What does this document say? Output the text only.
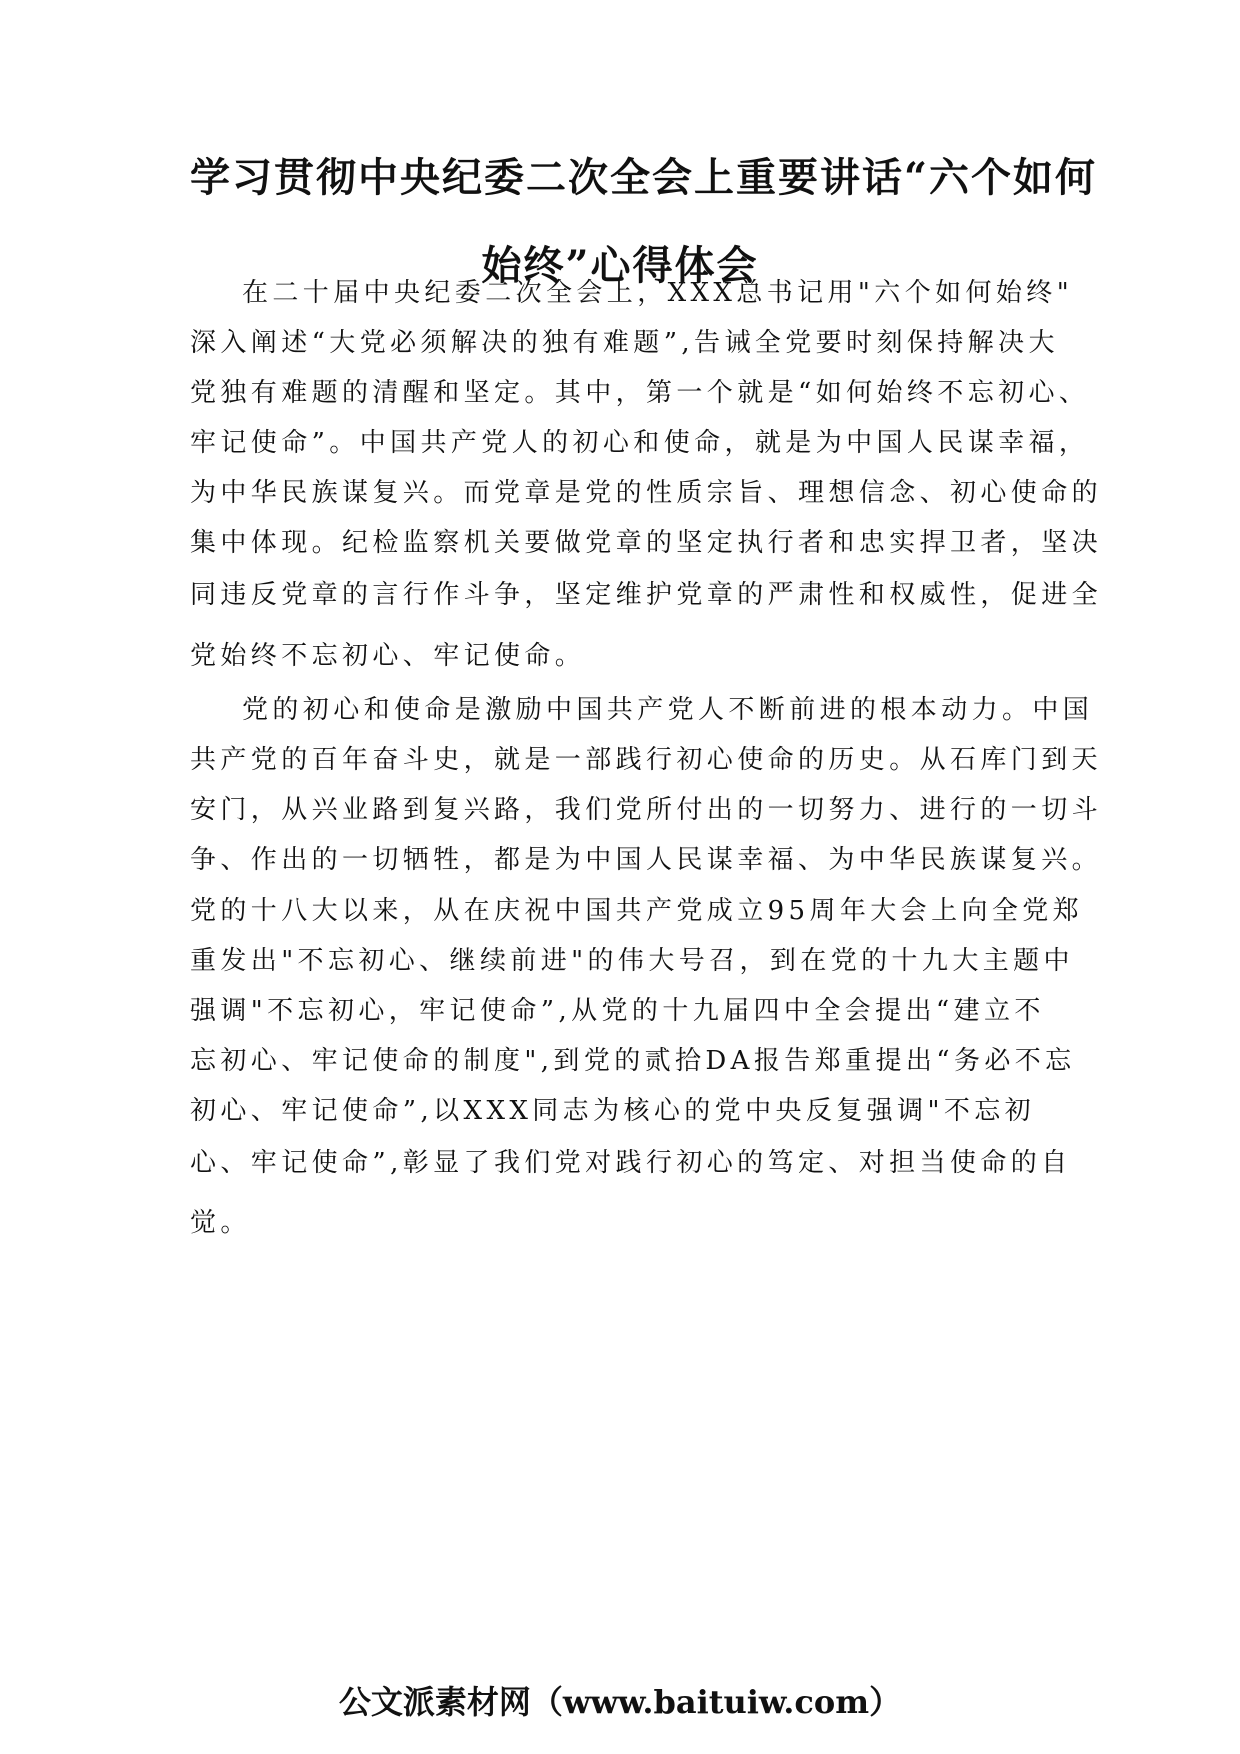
学习贯彻中央纪委二次全会上重要讲话“六个如何
始终”心得体会

在二十届中央纪委二次全会上，XXX总书记用"六个如何始终"

深入阐述“大党必须解决的独有难题”,告诫全党要时刻保持解决大

党独有难题的清醒和坚定。其中，第一个就是“如何始终不忘初心、

牢记使命”。中国共产党人的初心和使命，就是为中国人民谋幸福，

为中华民族谋复兴。而党章是党的性质宗旨、理想信念、初心使命的

集中体现。纪检监察机关要做党章的坚定执行者和忠实捍卫者，坚决

同违反党章的言行作斗争，坚定维护党章的严肃性和权威性，促进全

党始终不忘初心、牢记使命。

党的初心和使命是激励中国共产党人不断前进的根本动力。中国

共产党的百年奋斗史，就是一部践行初心使命的历史。从石库门到天

安门，从兴业路到复兴路，我们党所付出的一切努力、进行的一切斗

争、作出的一切牺牲，都是为中国人民谋幸福、为中华民族谋复兴。

党的十八大以来，从在庆祝中国共产党成立95周年大会上向全党郑

重发出"不忘初心、继续前进"的伟大号召，到在党的十九大主题中

强调"不忘初心，牢记使命”,从党的十九届四中全会提出“建立不

忘初心、牢记使命的制度",到党的贰拾DA报告郑重提出“务必不忘

初心、牢记使命”,以XXX同志为核心的党中央反复强调"不忘初

心、牢记使命”,彰显了我们党对践行初心的笃定、对担当使命的自

觉。

公文派素材网（www.baituiw.com）
